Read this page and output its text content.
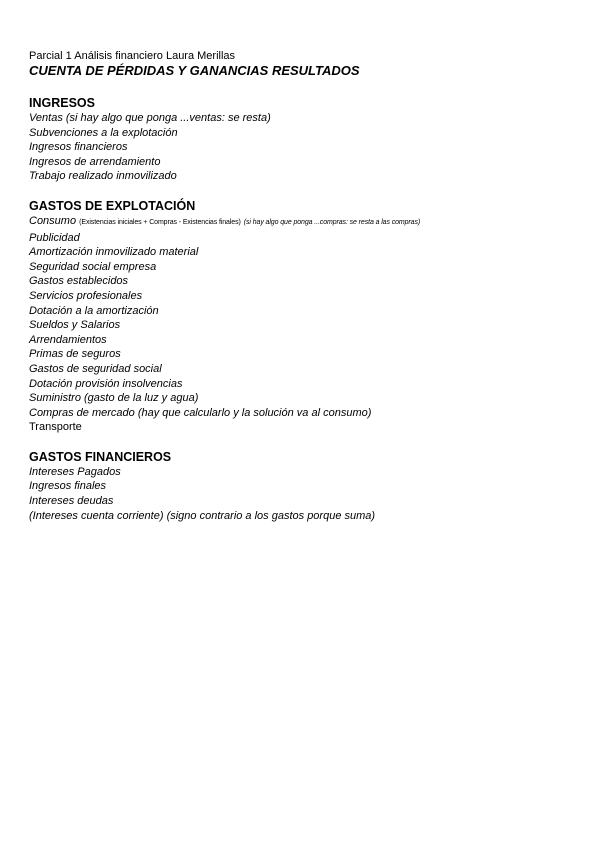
Parcial 1 Análisis financiero Laura Merillas

CUENTA DE PÉRDIDAS Y GANANCIAS RESULTADOS
INGRESOS
Ventas (si hay algo que ponga ...ventas: se resta)
Subvenciones a la explotación
Ingresos financieros
Ingresos de arrendamiento
Trabajo realizado inmovilizado
GASTOS DE EXPLOTACIÓN
Consumo (Existencias iniciales + Compras - Existencias finales) (si hay algo que ponga ...compras: se resta a las compras)
Publicidad
Amortización inmovilizado material
Seguridad social empresa
Gastos establecidos
Servicios profesionales
Dotación a la amortización
Sueldos y Salarios
Arrendamientos
Primas de seguros
Gastos de seguridad social
Dotación provisión insolvencias
Suministro (gasto de la luz y agua)
Compras de mercado (hay que calcularlo y la solución va al consumo)
Transporte
GASTOS FINANCIEROS
Intereses Pagados
Ingresos finales
Intereses deudas
(Intereses cuenta corriente) (signo contrario a los gastos porque suma)
